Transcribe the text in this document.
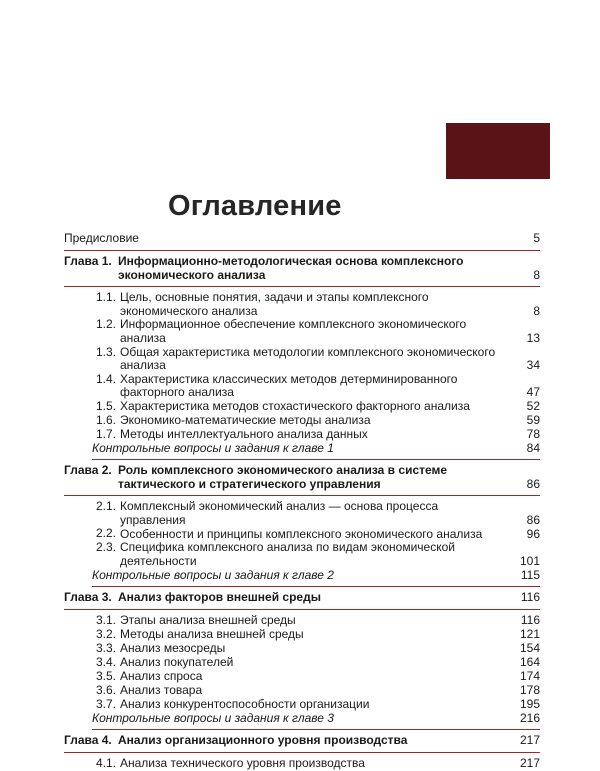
Оглавление
Предисловие	5
Глава 1. Информационно-методологическая основа комплексного экономического анализа	8
1.1. Цель, основные понятия, задачи и этапы комплексного экономического анализа	8
1.2. Информационное обеспечение комплексного экономического анализа	13
1.3. Общая характеристика методологии комплексного экономического анализа	34
1.4. Характеристика классических методов детерминированного факторного анализа	47
1.5. Характеристика методов стохастического факторного анализа	52
1.6. Экономико-математические методы анализа	59
1.7. Методы интеллектуального анализа данных	78
Контрольные вопросы и задания к главе 1	84
Глава 2. Роль комплексного экономического анализа в системе тактического и стратегического управления	86
2.1. Комплексный экономический анализ — основа процесса управления	86
2.2. Особенности и принципы комплексного экономического анализа	96
2.3. Специфика комплексного анализа по видам экономической деятельности	101
Контрольные вопросы и задания к главе 2	115
Глава 3. Анализ факторов внешней среды	116
3.1. Этапы анализа внешней среды	116
3.2. Методы анализа внешней среды	121
3.3. Анализ мезосреды	154
3.4. Анализ покупателей	164
3.5. Анализ спроса	174
3.6. Анализ товара	178
3.7. Анализ конкурентоспособности организации	195
Контрольные вопросы и задания к главе 3	216
Глава 4. Анализ организационного уровня производства	217
4.1. Анализа технического уровня производства	217
